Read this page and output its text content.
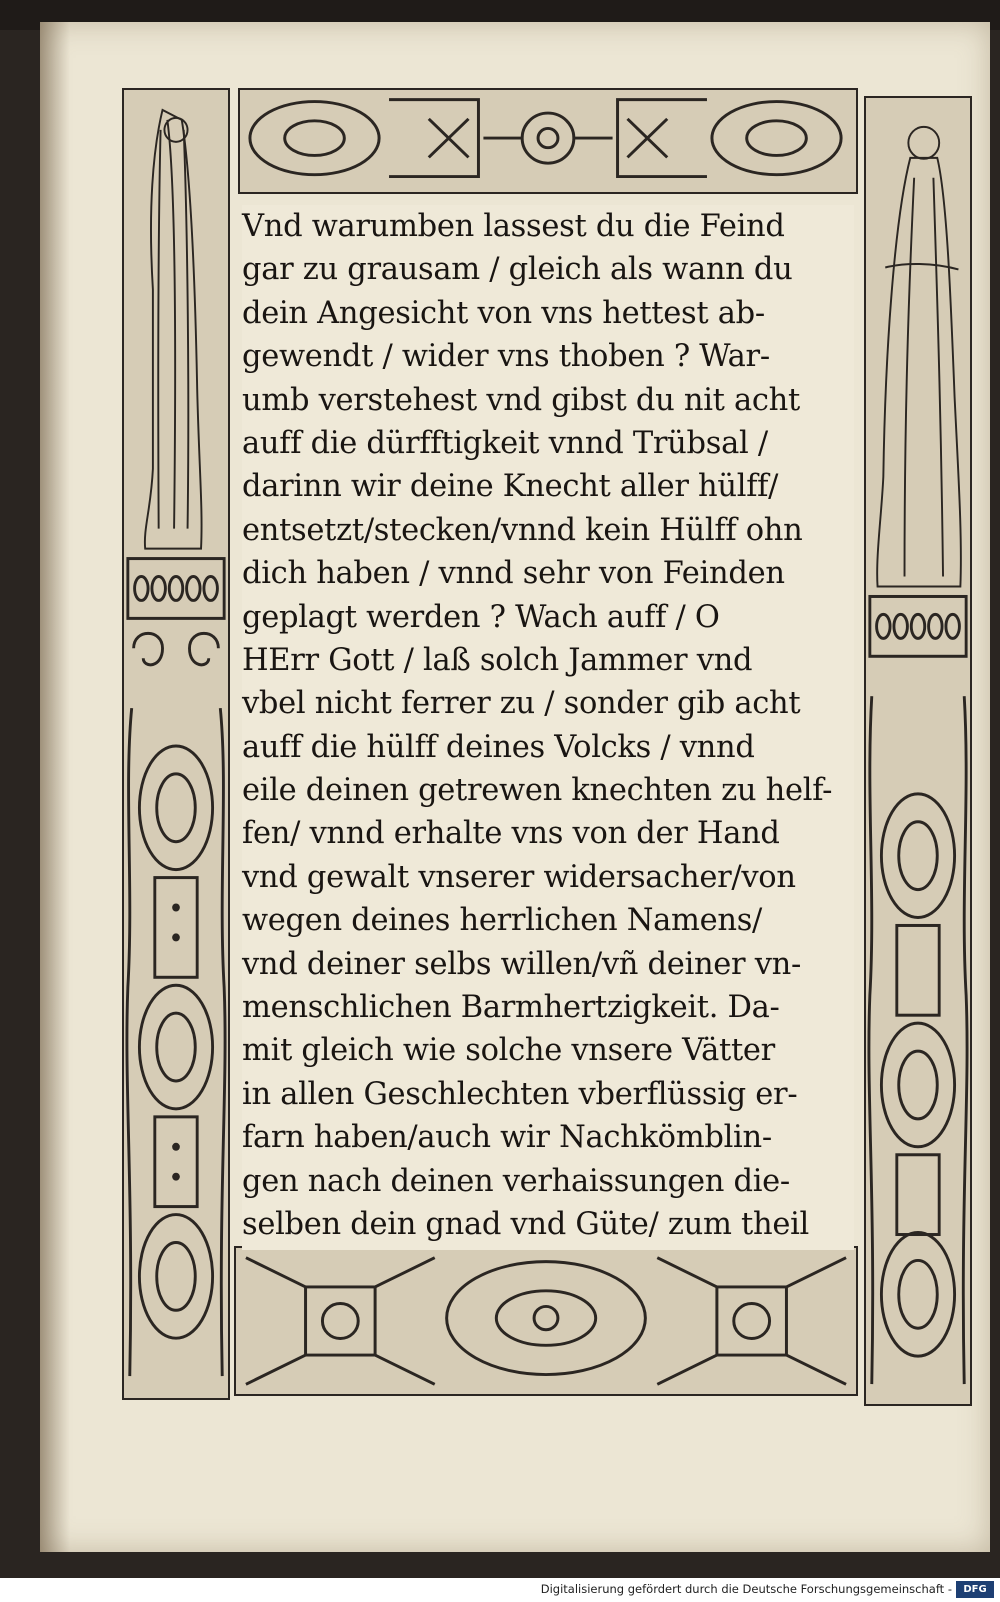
Vnd warumben lassest du die Feind
gar zu grausam / gleich als wann du
dein Angesicht von vns hettest ab-
gewendt / wider vns thoben ? War-
umb verstehest vnd gibst du nit acht
auff die dürfftigkeit vnnd Trübsal /
darinn wir deine Knecht aller hülff/
entsetzt/stecken/vnnd kein Hülff ohn
dich haben / vnnd sehr von Feinden
geplagt werden ? Wach auff / O
HErr Gott / laß solch Jammer vnd
vbel nicht ferrer zu / sonder gib acht
auff die hülff deines Volcks / vnnd
eile deinen getrewen knechten zu helf-
fen/ vnnd erhalte vns von der Hand
vnd gewalt vnserer widersacher/von
wegen deines herrlichen Namens/
vnd deiner selbs willen/vñ deiner vn-
menschlichen Barmhertzigkeit. Da-
mit gleich wie solche vnsere Vätter
in allen Geschlechten vberflüssig er-
farn haben/auch wir Nachkömblin-
gen nach deinen verhaissungen die-
selben dein gnad vnd Güte/ zum theil
Digitalisierung gefördert durch die Deutsche Forschungsgemeinschaft -	DFG
